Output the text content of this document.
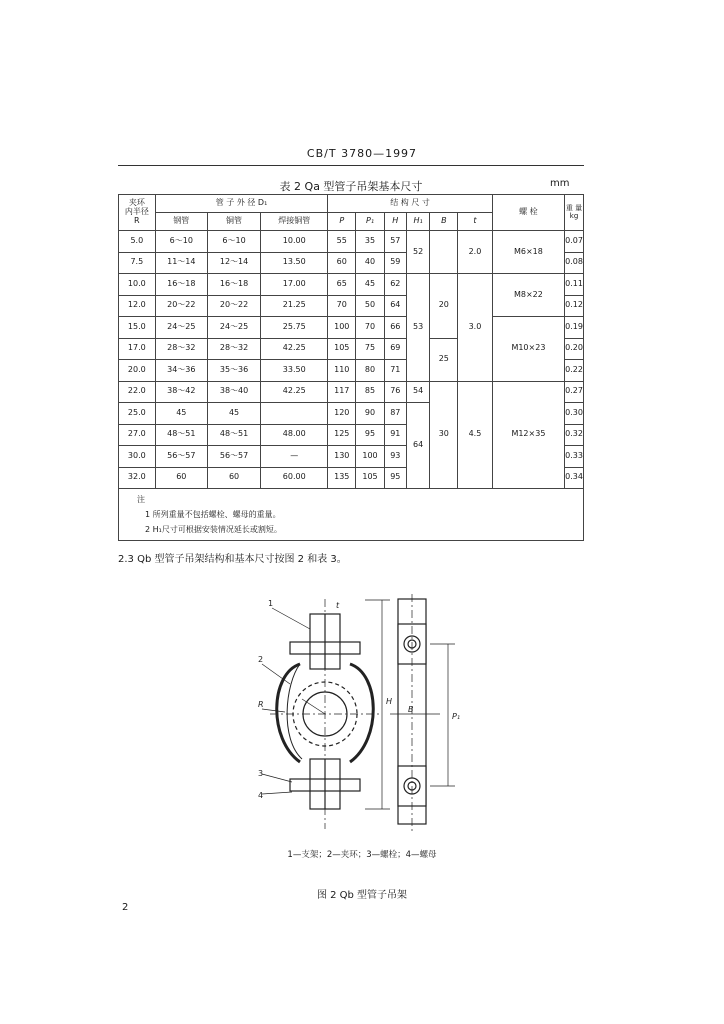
CB/T 3780—1997
表 2 Qa 型管子吊架基本尺寸	mm
夹环
内半径
R	管 子 外 径 D₁			结 构 尺 寸						螺 栓	重 量
kg
	钢管	铜管	焊接铜管	P	P₁	H	H₁	B	t		
5.0	6～10	6～10	10.00	55	35	57	52		2.0	M6×18	0.07
7.5	11～14	12～14	13.50	60	40	59					0.08
10.0	16～18	16～18	17.00	65	45	62	53	20	3.0	M8×22	0.11
12.0	20～22	20～22	21.25	70	50	64					0.12
15.0	24～25	24～25	25.75	100	70	66				M10×23	0.19
17.0	28～32	28～32	42.25	105	75	69		25			0.20
20.0	34～36	35～36	33.50	110	80	71					0.22
22.0	38～42	38～40	42.25	117	85	76	54	30	4.5	M12×35	0.27
25.0	45	45		120	90	87	64				0.30
27.0	48～51	48～51	48.00	125	95	91					0.32
30.0	56～57	56～57	—	130	100	93					0.33
32.0	60	60	60.00	135	105	95					0.34

注
1 所列重量不包括螺栓、螺母的重量。
2 H₁尺寸可根据安装情况延长或割短。											
2.3 Qb 型管子吊架结构和基本尺寸按图 2 和表 3。
1
2
3
4
t
R	H
B
P₁
1—支架；2—夹环；3—螺栓；4—螺母
图 2 Qb 型管子吊架
2
